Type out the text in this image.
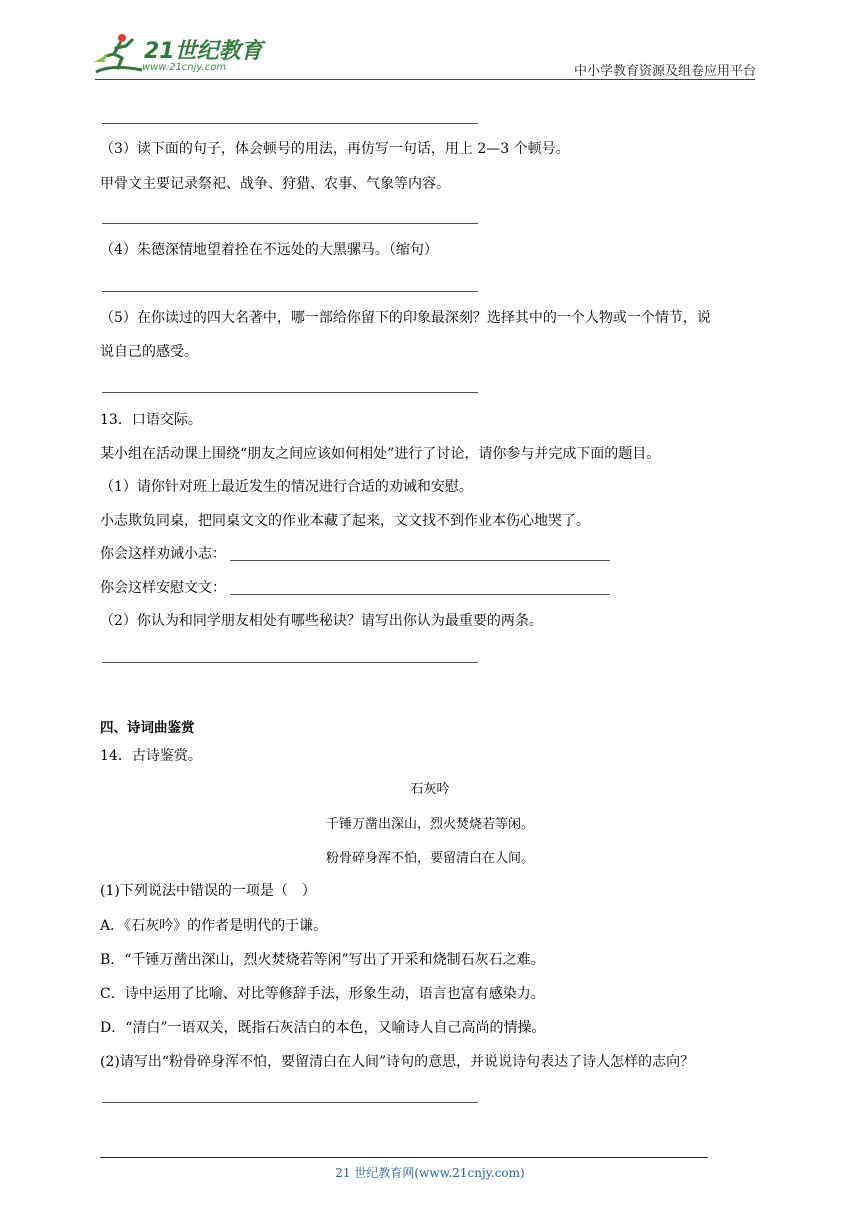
21世纪教育
www.21cnjy.com	中小学教育资源及组卷应用平台
（3）读下面的句子，体会顿号的用法，再仿写一句话，用上 2—3 个顿号。
甲骨文主要记录祭祀、战争、狩猎、农事、气象等内容。
（4）朱德深情地望着拴在不远处的大黑骡马。（缩句）
（5）在你读过的四大名著中，哪一部给你留下的印象最深刻？选择其中的一个人物或一个情节，说
说自己的感受。
13．口语交际。
某小组在活动课上围绕“朋友之间应该如何相处”进行了讨论，请你参与并完成下面的题目。
（1）请你针对班上最近发生的情况进行合适的劝诫和安慰。
小志欺负同桌，把同桌文文的作业本藏了起来，文文找不到作业本伤心地哭了。
你会这样劝诫小志：
你会这样安慰文文：
（2）你认为和同学朋友相处有哪些秘诀？请写出你认为最重要的两条。
四、诗词曲鉴赏
14．古诗鉴赏。
石灰吟
千锤万凿出深山，烈火焚烧若等闲。
粉骨碎身浑不怕，要留清白在人间。
(1)下列说法中错误的一项是（　）
A．《石灰吟》的作者是明代的于谦。
B．“千锤万凿出深山，烈火焚烧若等闲”写出了开采和烧制石灰石之难。
C．诗中运用了比喻、对比等修辞手法，形象生动，语言也富有感染力。
D．“清白”一语双关，既指石灰洁白的本色，又喻诗人自己高尚的情操。
(2)请写出“粉骨碎身浑不怕，要留清白在人间”诗句的意思，并说说诗句表达了诗人怎样的志向？
21 世纪教育网(www.21cnjy.com)
